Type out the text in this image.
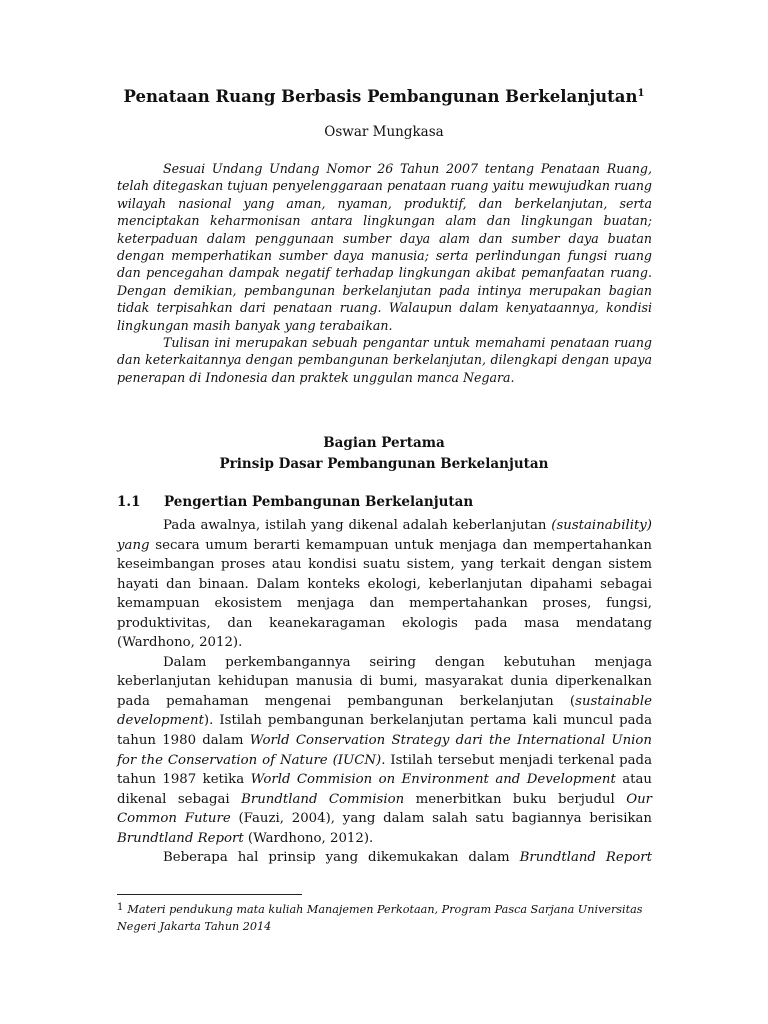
Penataan Ruang Berbasis Pembangunan Berkelanjutan$^1$
Oswar Mungkasa

Sesuai Undang Undang Nomor 26 Tahun 2007 tentang Penataan Ruang, telah ditegaskan tujuan penyelenggaraan penataan ruang yaitu mewujudkan ruang wilayah nasional yang aman, nyaman, produktif, dan berkelanjutan, serta menciptakan keharmonisan antara lingkungan alam dan lingkungan buatan; keterpaduan dalam penggunaan sumber daya alam dan sumber daya buatan dengan memperhatikan sumber daya manusia; serta perlindungan fungsi ruang dan pencegahan dampak negatif terhadap lingkungan akibat pemanfaatan ruang. Dengan demikian, pembangunan berkelanjutan pada intinya merupakan bagian tidak terpisahkan dari penataan ruang. Walaupun dalam kenyataannya, kondisi lingkungan masih banyak yang terabaikan.

Tulisan ini merupakan sebuah pengantar untuk memahami penataan ruang dan keterkaitannya dengan pembangunan berkelanjutan, dilengkapi dengan upaya penerapan di Indonesia dan praktek unggulan manca Negara.

Bagian Pertama
Prinsip Dasar Pembangunan Berkelanjutan
1.1 Pengertian Pembangunan Berkelanjutan

Pada awalnya, istilah yang dikenal adalah keberlanjutan (sustainability) yang secara umum berarti kemampuan untuk menjaga dan mempertahankan keseimbangan proses atau kondisi suatu sistem, yang terkait dengan sistem hayati dan binaan. Dalam konteks ekologi, keberlanjutan dipahami sebagai kemampuan ekosistem menjaga dan mempertahankan proses, fungsi, produktivitas, dan keanekaragaman ekologis pada masa mendatang (Wardhono, 2012).

Dalam perkembangannya seiring dengan kebutuhan menjaga keberlanjutan kehidupan manusia di bumi, masyarakat dunia diperkenalkan pada pemahaman mengenai pembangunan berkelanjutan (sustainable development). Istilah pembangunan berkelanjutan pertama kali muncul pada tahun 1980 dalam World Conservation Strategy dari the International Union for the Conservation of Nature (IUCN). Istilah tersebut menjadi terkenal pada tahun 1987 ketika World Commision on Environment and Development atau dikenal sebagai Brundtland Commision menerbitkan buku berjudul Our Common Future (Fauzi, 2004), yang dalam salah satu bagiannya berisikan Brundtland Report (Wardhono, 2012).

Beberapa hal prinsip yang dikemukakan dalam Brundtland Report

1 Materi pendukung mata kuliah Manajemen Perkotaan, Program Pasca Sarjana Universitas Negeri Jakarta Tahun 2014
